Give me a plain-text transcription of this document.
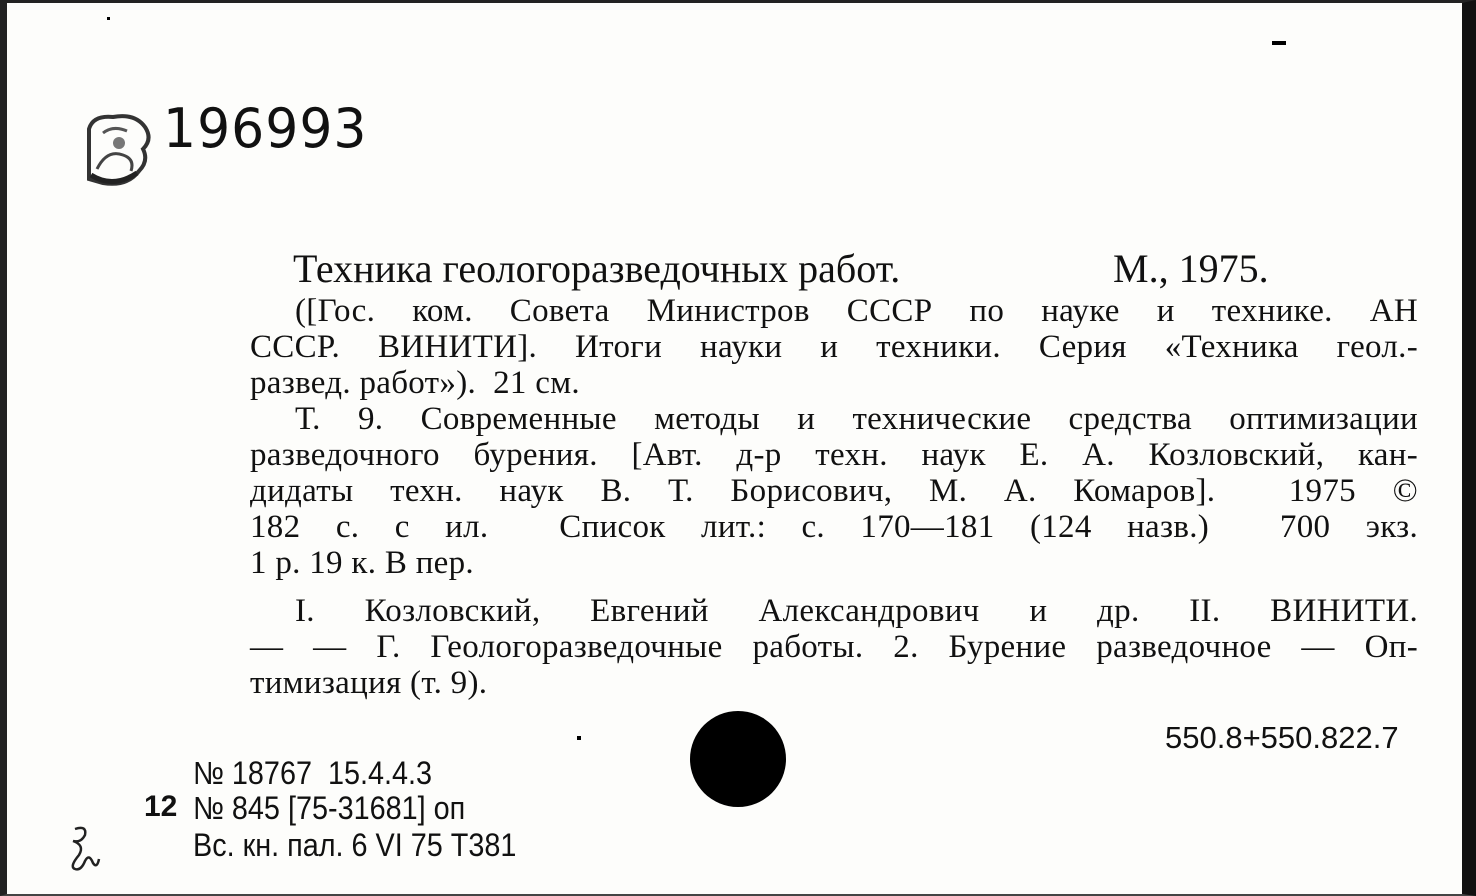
196993
Техника геологоразведочных работ.	М., 1975.
([Гос. ком. Совета Министров СССР по науке и технике. АН
СССР. ВИНИТИ]. Итоги науки и техники. Серия «Техника геол.-
развед. работ»).  21 см.
Т. 9. Современные методы и технические средства оптимизации
разведочного бурения. [Авт. д-р техн. наук Е. А. Козловский, кан-
дидаты техн. наук В. Т. Борисович, М. А. Комаров].  1975 ©
182 с. с ил.  Список лит.: с. 170—181 (124 назв.)  700 экз.
1 р. 19 к. В пер.
I. Козловский, Евгений Александрович и др. II. ВИНИТИ.
— — Г. Геологоразведочные работы. 2. Бурение разведочное — Оп-
тимизация (т. 9).
550.8+550.822.7
№ 18767  15.4.4.3
12 № 845 [75-31681] оп
Вс. кн. пал. 6 VI 75 Т381
